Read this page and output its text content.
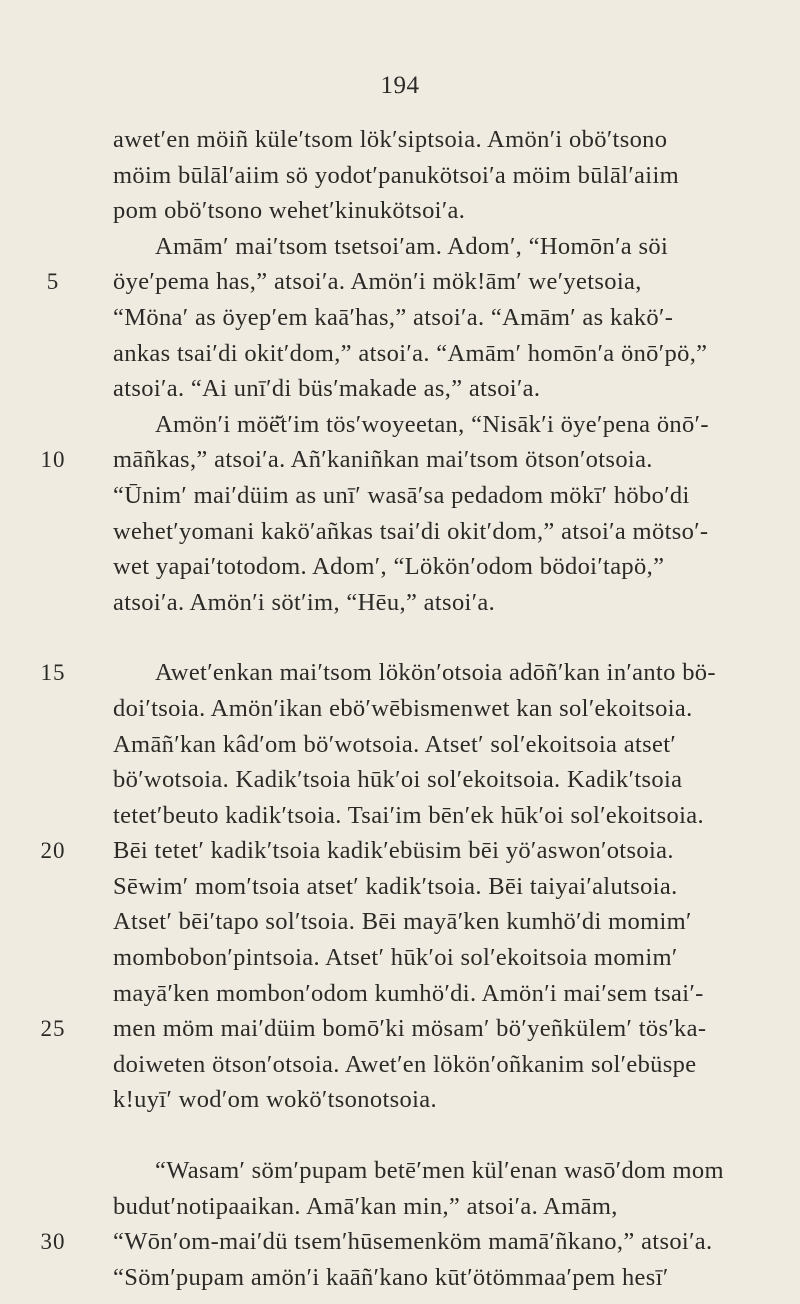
194
awet′en möiñ küle′tsom lök′siptsoia. Amön′i obö′tsono
möim būlāl′aiim sö yodot′panukötsoi′a möim būlāl′aiim
pom obö′tsono wehet′kinukötsoi′a.
Amām′ mai′tsom tsetsoi′am. Adom′, “Homōn′a söi
5	öye′pema has,” atsoi′a. Amön′i mök!ām′ we′yetsoia,
“Möna′ as öyep′em kaā′has,” atsoi′a. “Amām′ as kakö′-
ankas tsai′di okit′dom,” atsoi′a. “Amām′ homōn′a önō′pö,”
atsoi′a. “Ai unī′di büs′makade as,” atsoi′a.
Amön′i möë̆t′im tös′woyeetan, “Nisāk′i öye′pena önō′-
10	māñkas,” atsoi′a. Añ′kaniñkan mai′tsom ötson′otsoia.
“Ūnim′ mai′düim as unī′ wasā′sa pedadom mökī′ höbo′di
wehet′yomani kakö′añkas tsai′di okit′dom,” atsoi′a mötso′-
wet yapai′totodom. Adom′, “Lökön′odom bödoi′tapö,”
atsoi′a. Amön′i söt′im, “Hēu,” atsoi′a.
15	Awet′enkan mai′tsom lökön′otsoia adōñ′kan in′anto bö-
doi′tsoia. Amön′ikan ebö′wēbismenwet kan sol′ekoitsoia.
Amāñ′kan kâd′om bö′wotsoia. Atset′ sol′ekoitsoia atset′
bö′wotsoia. Kadik′tsoia hūk′oi sol′ekoitsoia. Kadik′tsoia
tetet′beuto kadik′tsoia. Tsai′im bēn′ek hūk′oi sol′ekoitsoia.
20	Bēi tetet′ kadik′tsoia kadik′ebüsim bēi yö′aswon′otsoia.
Sēwim′ mom′tsoia atset′ kadik′tsoia. Bēi taiyai′alutsoia.
Atset′ bēi′tapo sol′tsoia. Bēi mayā′ken kumhö′di momim′
mombobon′pintsoia. Atset′ hūk′oi sol′ekoitsoia momim′
mayā′ken mombon′odom kumhö′di. Amön′i mai′sem tsai′-
25	men möm mai′düim bomō′ki mösam′ bö′yeñkülem′ tös′ka-
doiweten ötson′otsoia. Awet′en lökön′oñkanim sol′ebüspe
k!uyī′ wod′om wokö′tsonotsoia.
“Wasam′ söm′pupam betē′men kül′enan wasō′dom mom
budut′notipaaikan. Amā′kan min,” atsoi′a. Amām,
30	“Wōn′om-mai′dü tsem′hūsemenköm mamā′ñkano,” atsoi′a.
“Söm′pupam amön′i kaāñ′kano kūt′ötömmaa′pem hesī′
